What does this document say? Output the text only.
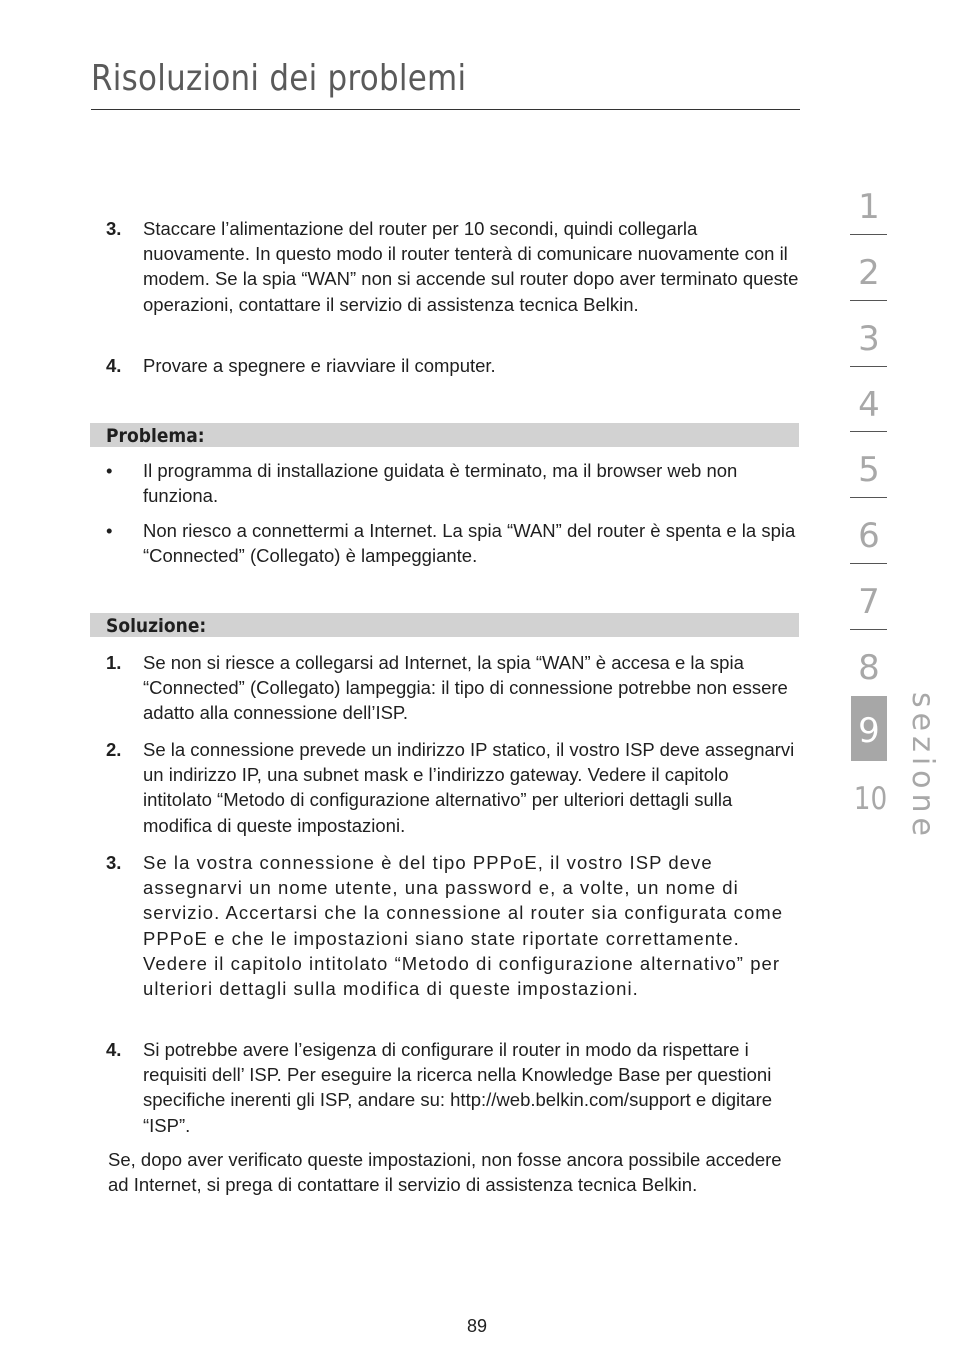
Risoluzioni dei problemi
3. Staccare l’alimentazione del router per 10 secondi, quindi collegarla nuovamente. In questo modo il router tenterà di comunicare nuovamente con il modem. Se la spia “WAN” non si accende sul router dopo aver terminato queste operazioni, contattare il servizio di assistenza tecnica Belkin.
4. Provare a spegnere e riavviare il computer.
Problema:
• Il programma di installazione guidata è terminato, ma il browser web non funziona.
• Non riesco a connettermi a Internet. La spia “WAN” del router è spenta e la spia “Connected” (Collegato) è lampeggiante.
Soluzione:
1. Se non si riesce a collegarsi ad Internet, la spia “WAN” è accesa e la spia “Connected” (Collegato) lampeggia: il tipo di connessione potrebbe non essere adatto alla connessione dell’ISP.
2. Se la connessione prevede un indirizzo IP statico, il vostro ISP deve assegnarvi un indirizzo IP, una subnet mask e l’indirizzo gateway. Vedere il capitolo intitolato “Metodo di configurazione alternativo” per ulteriori dettagli sulla modifica di queste impostazioni.
3. Se la vostra connessione è del tipo PPPoE, il vostro ISP deve assegnarvi un nome utente, una password e, a volte, un nome di servizio. Accertarsi che la connessione al router sia configurata come PPPoE e che le impostazioni siano state riportate correttamente. Vedere il capitolo intitolato “Metodo di configurazione alternativo” per ulteriori dettagli sulla modifica di queste impostazioni.
4. Si potrebbe avere l’esigenza di configurare il router in modo da rispettare i requisiti dell’ ISP. Per eseguire la ricerca nella Knowledge Base per questioni specifiche inerenti gli ISP, andare su: http://web.belkin.com/support e digitare “ISP”.
Se, dopo aver verificato queste impostazioni, non fosse ancora possibile accedere ad Internet, si prega di contattare il servizio di assistenza tecnica Belkin.
1
2
3
4
5
6
7
8
9
10 sezione
89
